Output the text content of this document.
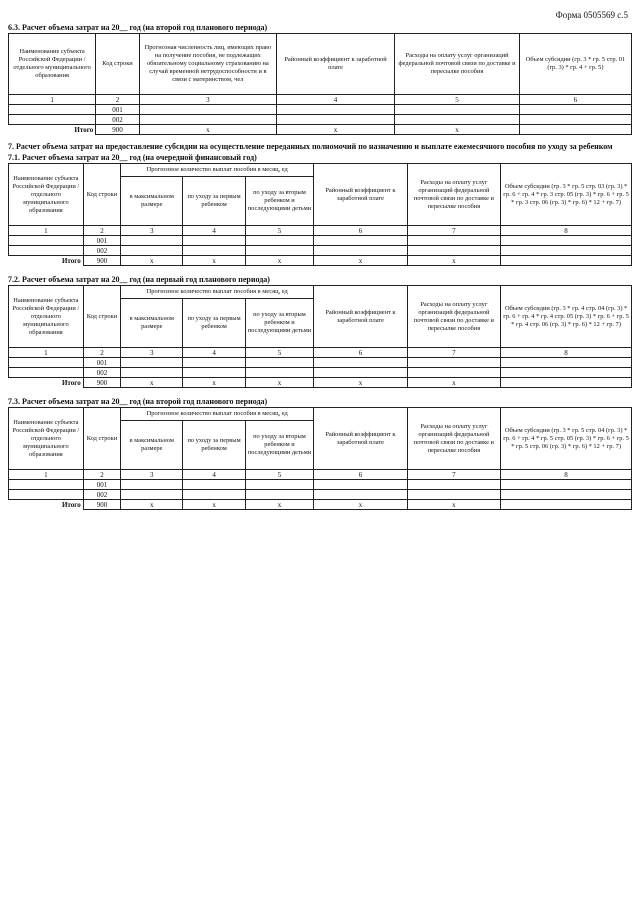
Форма 0505569 с.5

6.3. Расчет объема затрат на 20__ год (на второй год планового периода)

Наименование субъекта Российской Федерации / отдельного муниципального образования	Код строки	Прогнозная численность лиц, имеющих право на получение пособия, не подлежащих обязательному социальному страхованию на случай временной нетрудоспособности и в связи с материнством, чел	Районный коэффициент к заработной плате	Расходы на оплату услуг организаций федеральной почтовой связи по доставке и пересылке пособия	Объем субсидии (гр. 3 * гр. 5 стр. 01 (гр. 3) * гр. 4 + гр. 5)
1	2	3	4	5	6
	001				
	002				
Итого	900	x	x	x	

7. Расчет объема затрат на предоставление субсидии на осуществление переданных полномочий по назначению и выплате ежемесячного пособия по уходу за ребенком

7.1. Расчет объема затрат на 20__ год (на очередной финансовый год)

Наименование субъекта Российской Федерации / отдельного муниципального образования	Код строки	Прогнозное количество выплат пособия в месяц, ед			Районный коэффициент к заработной плате	Расходы на оплату услуг организаций федеральной почтовой связи по доставке и пересылке пособия	Объем субсидии (гр. 3 * гр. 5 стр. 03 (гр. 3) * гр. 6 + гр. 4 * гр. 3 стр. 05 (гр. 3) * гр. 6 + гр. 5 * гр. 3 стр. 06 (гр. 3) * гр. 6) * 12 + гр. 7)
		в максимальном размере	по уходу за первым ребенком	по уходу за вторым ребенком и последующими детьми			
1	2	3	4	5	6	7	8
	001						
	002						
Итого	900	x	x	x	x	x	

7.2. Расчет объема затрат на 20__ год (на первый год планового периода)

Наименование субъекта Российской Федерации / отдельного муниципального образования	Код строки	Прогнозное количество выплат пособия в месяц, ед			Районный коэффициент к заработной плате	Расходы на оплату услуг организаций федеральной почтовой связи по доставке и пересылке пособия	Объем субсидии (гр. 3 * гр. 4 стр. 04 (гр. 3) * гр. 6 + гр. 4 * гр. 4 стр. 05 (гр. 3) * гр. 6 + гр. 5 * гр. 4 стр. 06 (гр. 3) * гр. 6) * 12 + гр. 7)
		в максимальном размере	по уходу за первым ребенком	по уходу за вторым ребенком и последующими детьми			
1	2	3	4	5	6	7	8
	001						
	002						
Итого	900	x	x	x	x	x	

7.3. Расчет объема затрат на 20__ год (на второй год планового периода)

Наименование субъекта Российской Федерации / отдельного муниципального образования	Код строки	Прогнозное количество выплат пособия в месяц, ед			Районный коэффициент к заработной плате	Расходы на оплату услуг организаций федеральной почтовой связи по доставке и пересылке пособия	Объем субсидии (гр. 3 * гр. 5 стр. 04 (гр. 3) * гр. 6 + гр. 4 * гр. 5 стр. 05 (гр. 3) * гр. 6 + гр. 5 * гр. 5 стр. 06 (гр. 3) * гр. 6) * 12 + гр. 7)
		в максимальном размере	по уходу за первым ребенком	по уходу за вторым ребенком и последующими детьми			
1	2	3	4	5	6	7	8
	001						
	002						
Итого	900	x	x	x	x	x	
